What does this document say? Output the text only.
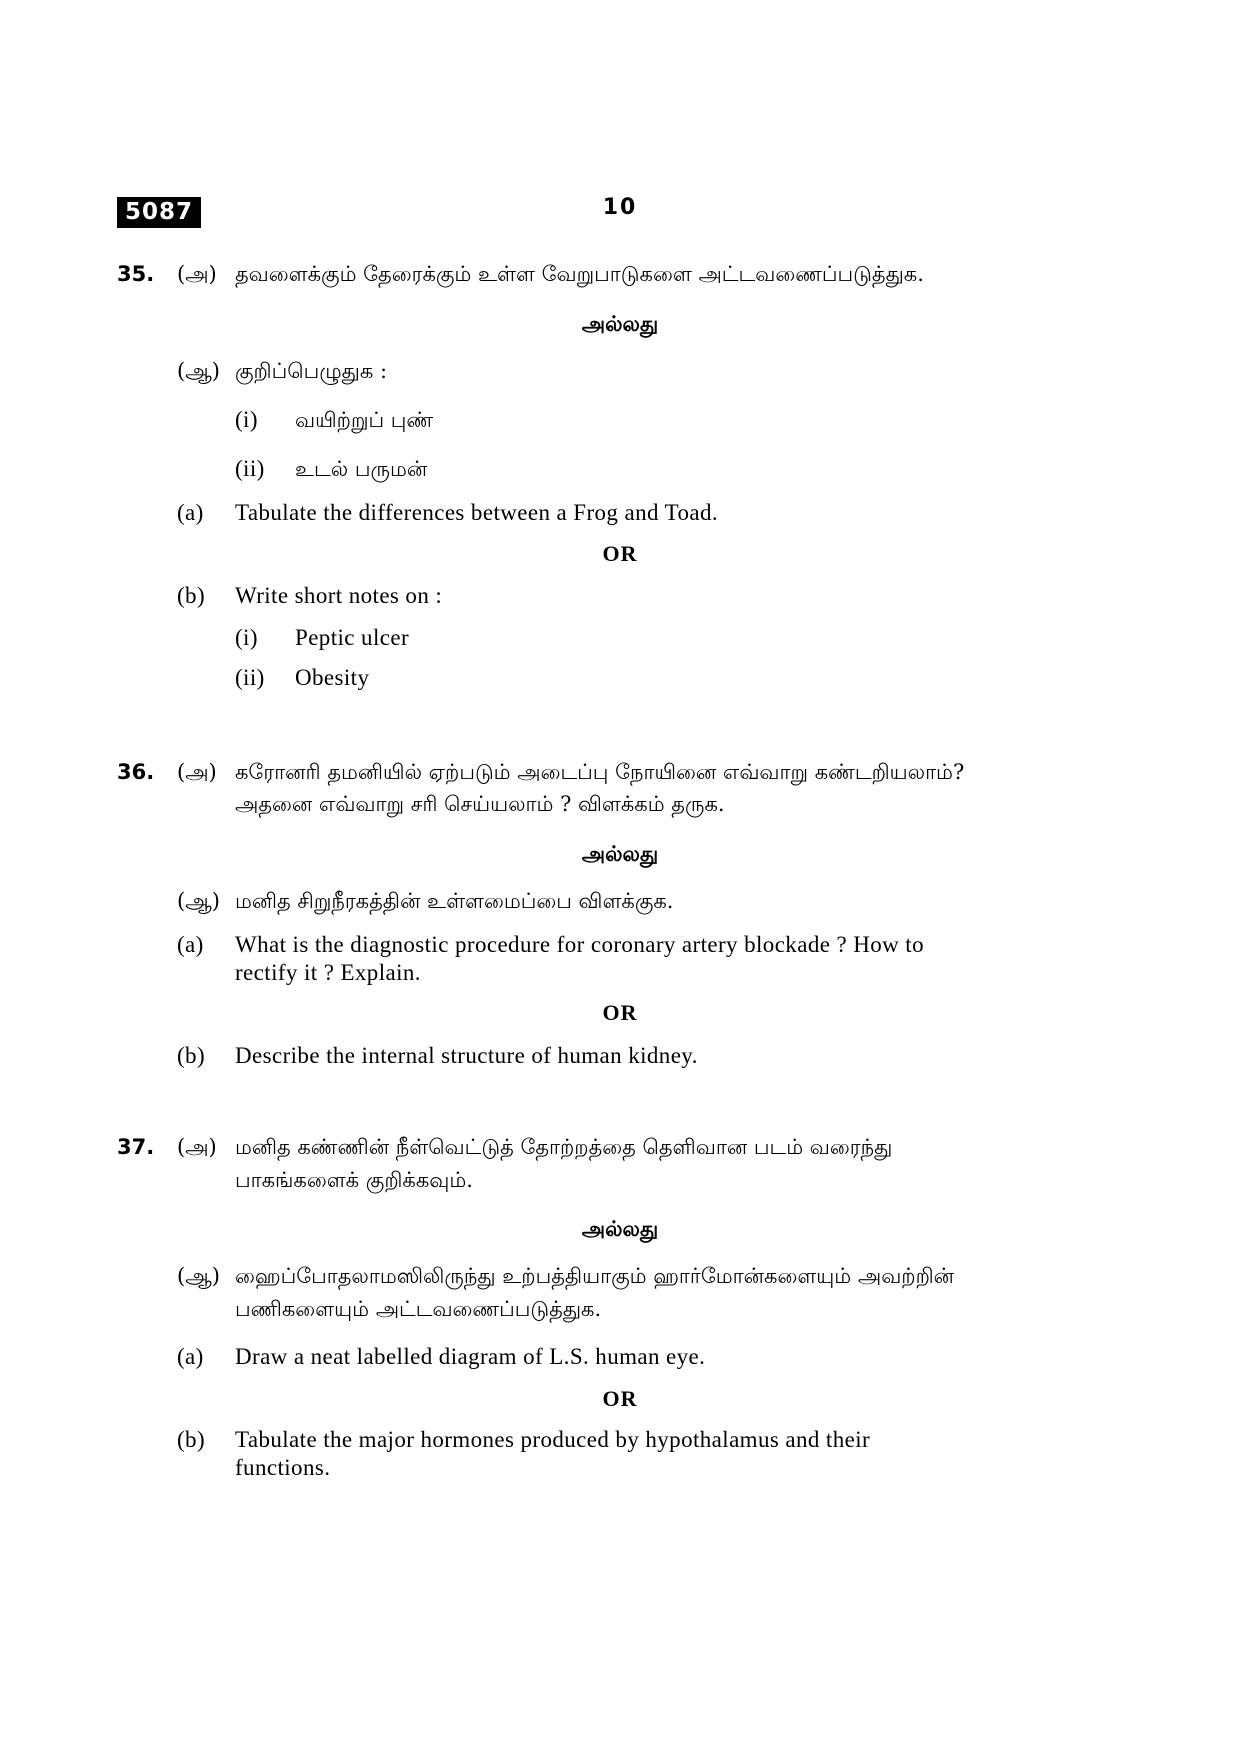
5087	10
35. (அ) தவளைக்கும் தேரைக்கும் உள்ள வேறுபாடுகளை அட்டவணைப்படுத்துக.
அல்லது
(ஆ) குறிப்பெழுதுக :
(i) வயிற்றுப் புண்
(ii) உடல் பருமன்
(a) Tabulate the differences between a Frog and Toad.
OR
(b) Write short notes on :
(i) Peptic ulcer
(ii) Obesity
36. (அ) கரோனரி தமனியில் ஏற்படும் அடைப்பு நோயினை எவ்வாறு கண்டறியலாம்?
அதனை எவ்வாறு சரி செய்யலாம் ? விளக்கம் தருக.
அல்லது
(ஆ) மனித சிறுநீரகத்தின் உள்ளமைப்பை விளக்குக.
(a) What is the diagnostic procedure for coronary artery blockade ? How to
rectify it ? Explain.
OR
(b) Describe the internal structure of human kidney.
37. (அ) மனித கண்ணின் நீள்வெட்டுத் தோற்றத்தை தெளிவான படம் வரைந்து
பாகங்களைக் குறிக்கவும்.
அல்லது
(ஆ) ஹைப்போதலாமஸிலிருந்து உற்பத்தியாகும் ஹார்மோன்களையும் அவற்றின்
பணிகளையும் அட்டவணைப்படுத்துக.
(a) Draw a neat labelled diagram of L.S. human eye.
OR
(b) Tabulate the major hormones produced by hypothalamus and their
functions.
